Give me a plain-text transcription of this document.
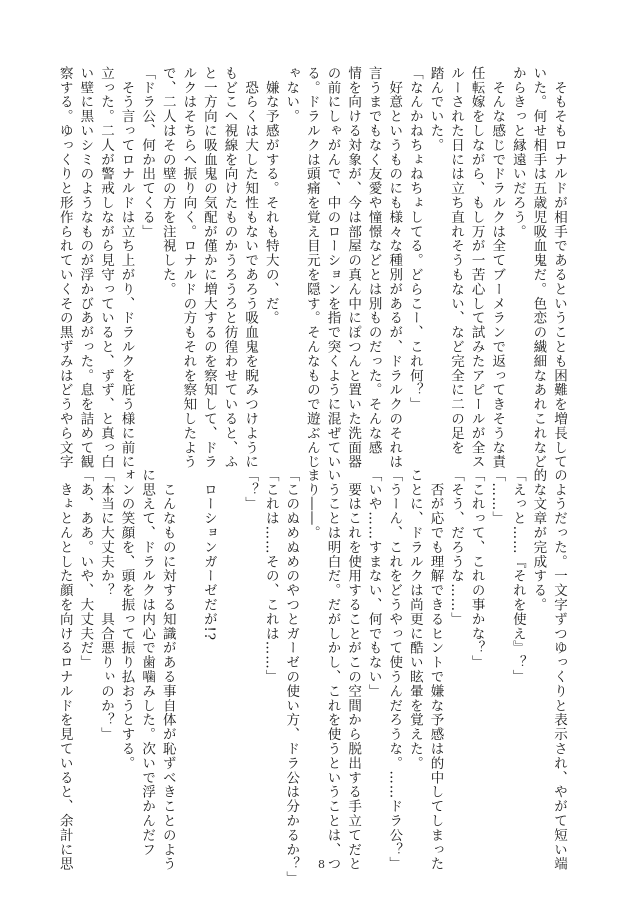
　そもそもロナルドが相手であるということも困難を増長して
いた。何せ相手は五歳児吸血鬼だ。色恋の繊細なあれこれなど
からきっと縁遠いだろう。
　そんな感じでドラルクは全てブーメランで返ってきそうな責
任転嫁をしながら、もし万が一苦心して試みたアピールが全ス
ルーされた日には立ち直れそうもない、など完全に二の足を
踏んでいた。
「なんかねちょねちょしてる。どらこー、これ何？」
　好意というものにも様々な種別があるが、ドラルクのそれは
言うまでもなく友愛や憧憬などとは別ものだった。そんな感
情を向ける対象が、今は部屋の真ん中にぽつんと置いた洗面器
の前にしゃがんで、中のローションを指で突くように混ぜてい
る。ドラルクは頭痛を覚え目元を隠す。そんなもので遊ぶんじ
ゃない。
　嫌な予感がする。それも特大の、だ。
　恐らくは大した知性もないであろう吸血鬼を睨みつけように
もどこへ視線を向けたものかうろうろと彷徨わせていると、ふ
と一方向に吸血鬼の気配が僅かに増大するのを察知して、ドラ
ルクはそちらへ振り向く。ロナルドの方もそれを察知したよう
で、二人はその壁の方を注視した。
「ドラ公、何か出てくる」
　そう言ってロナルドは立ち上がり、ドラルクを庇う様に前に
立った。二人が警戒しながら見守っていると、ずず、と真っ白
い壁に黒いシミのようなものが浮かびあがった。息を詰めて観
察する。ゆっくりと形作られていくその黒ずみはどうやら文字
のようだった。一文字ずつゆっくりと表示され、やがて短い端
的な文章が完成する。
「えっと……『それを使え』？」
「……」
「これって、これの事かな？」
「そう、だろうな……」
　否が応でも理解できるヒントで嫌な予感は的中してしまった
ことに、ドラルクは尚更に酷い眩暈を覚えた。
「うーん、これをどうやって使うんだろうな。……ドラ公？」
「いや……すまない、何でもない」
　要はこれを使用することがこの空間から脱出する手立てだと
いうことは明白だ。だがしかし、これを使うということは、つ
まり――。
「このぬめぬめのやつとガーゼの使い方、ドラ公は分かるか？」
「これは……その、これは……」
「？」

　ローションガーゼだが!?

　こんなものに対する知識がある事自体が恥ずべきことのよう
に思えて、ドラルクは内心で歯噛みした。次いで浮かんだフ
ォンの笑顔を、頭を振って振り払おうとする。
「本当に大丈夫か？　具合悪りぃのか？」
「あ、ああ。いや、大丈夫だ」
　きょとんとした顔を向けるロナルドを見ていると、余計に思	8
